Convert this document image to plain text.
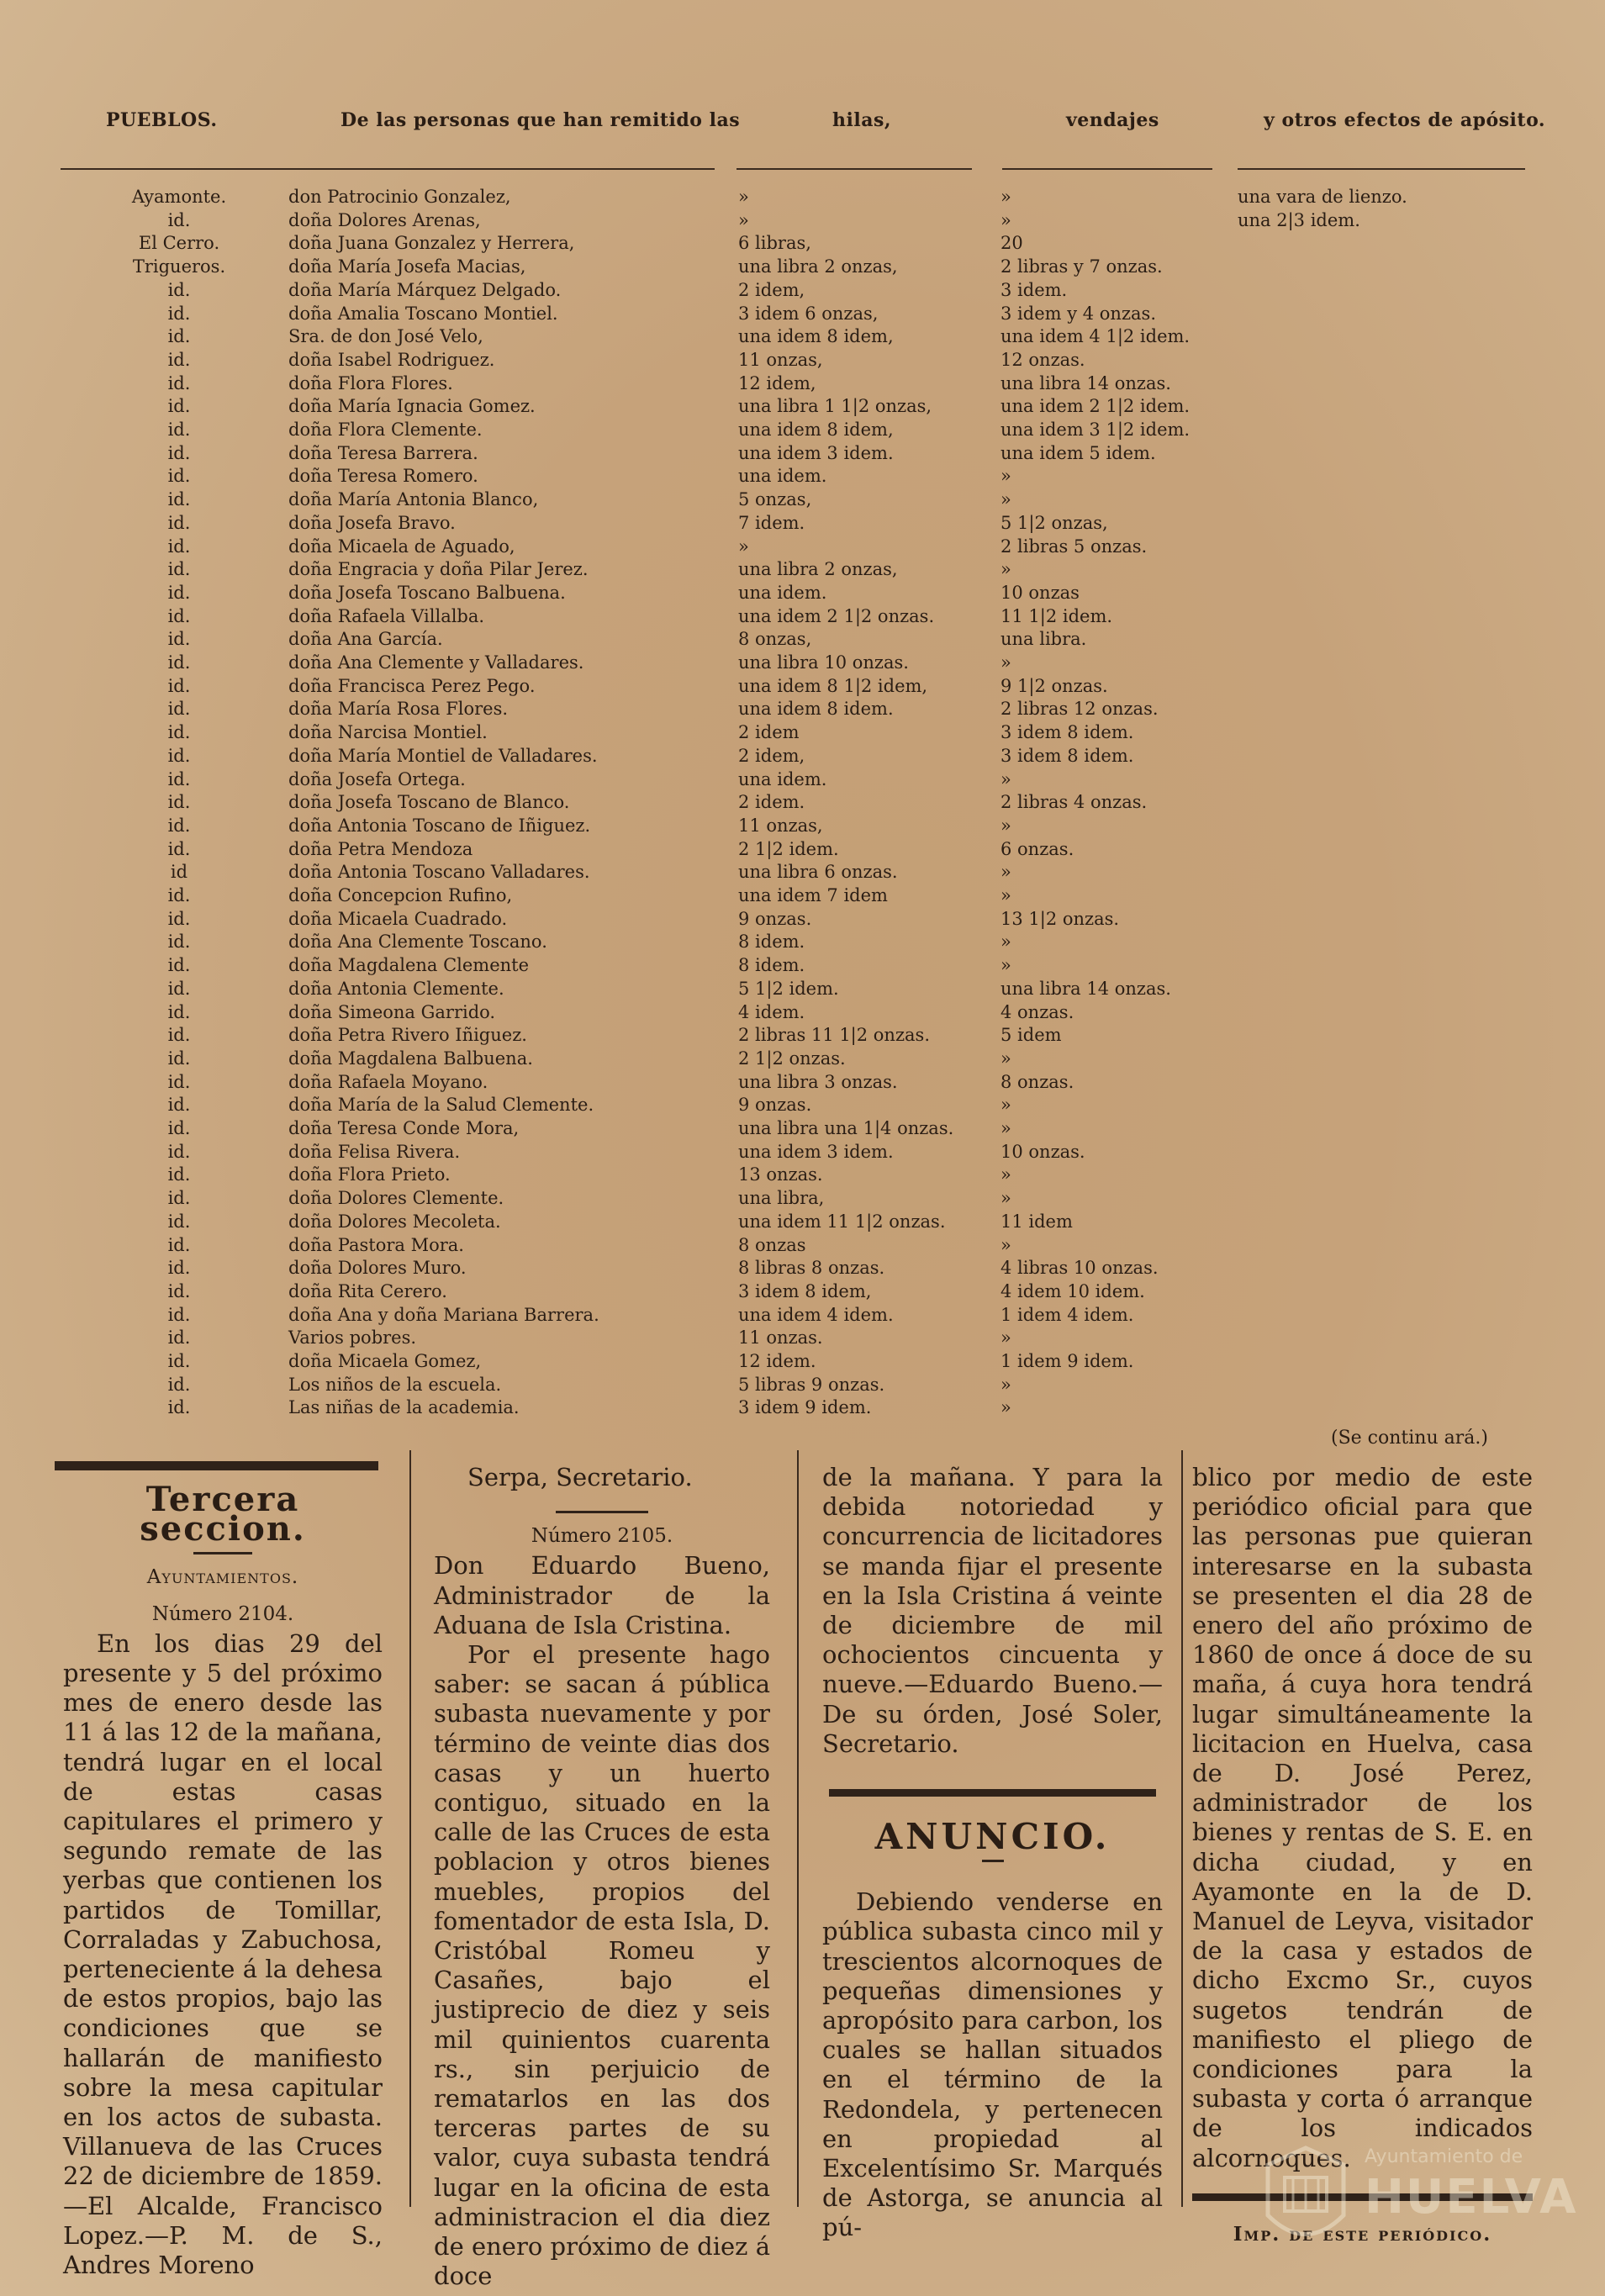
PUEBLOS.	De las personas que han remitido las	hilas,	vendajes	y otros efectos de apósito.
Ayamonte.	don Patrocinio Gonzalez,	»	»	una vara de lienzo.
id.	doña Dolores Arenas,	»	»	una 2|3 idem.
El Cerro.	doña Juana Gonzalez y Herrera,	6 libras,	20
Trigueros.	doña María Josefa Macias,	una libra 2 onzas,	2 libras y 7 onzas.
id.	doña María Márquez Delgado.	2 idem,	3 idem.
id.	doña Amalia Toscano Montiel.	3 idem 6 onzas,	3 idem y 4 onzas.
id.	Sra. de don José Velo,	una idem 8 idem,	una idem 4 1|2 idem.
id.	doña Isabel Rodriguez.	11 onzas,	12 onzas.
id.	doña Flora Flores.	12 idem,	una libra 14 onzas.
id.	doña María Ignacia Gomez.	una libra 1 1|2 onzas,	una idem 2 1|2 idem.
id.	doña Flora Clemente.	una idem 8 idem,	una idem 3 1|2 idem.
id.	doña Teresa Barrera.	una idem 3 idem.	una idem 5 idem.
id.	doña Teresa Romero.	una idem.	»
id.	doña María Antonia Blanco,	5 onzas,	»
id.	doña Josefa Bravo.	7 idem.	5 1|2 onzas,
id.	doña Micaela de Aguado,	»	2 libras 5 onzas.
id.	doña Engracia y doña Pilar Jerez.	una libra 2 onzas,	»
id.	doña Josefa Toscano Balbuena.	una idem.	10 onzas
id.	doña Rafaela Villalba.	una idem 2 1|2 onzas.	11 1|2 idem.
id.	doña Ana García.	8 onzas,	una libra.
id.	doña Ana Clemente y Valladares.	una libra 10 onzas.	»
id.	doña Francisca Perez Pego.	una idem 8 1|2 idem,	9 1|2 onzas.
id.	doña María Rosa Flores.	una idem 8 idem.	2 libras 12 onzas.
id.	doña Narcisa Montiel.	2 idem	3 idem 8 idem.
id.	doña María Montiel de Valladares.	2 idem,	3 idem 8 idem.
id.	doña Josefa Ortega.	una idem.	»
id.	doña Josefa Toscano de Blanco.	2 idem.	2 libras 4 onzas.
id.	doña Antonia Toscano de Iñiguez.	11 onzas,	»
id.	doña Petra Mendoza	2 1|2 idem.	6 onzas.
id	doña Antonia Toscano Valladares.	una libra 6 onzas.	»
id.	doña Concepcion Rufino,	una idem 7 idem	»
id.	doña Micaela Cuadrado.	9 onzas.	13 1|2 onzas.
id.	doña Ana Clemente Toscano.	8 idem.	»
id.	doña Magdalena Clemente	8 idem.	»
id.	doña Antonia Clemente.	5 1|2 idem.	una libra 14 onzas.
id.	doña Simeona Garrido.	4 idem.	4 onzas.
id.	doña Petra Rivero Iñiguez.	2 libras 11 1|2 onzas.	5 idem
id.	doña Magdalena Balbuena.	2 1|2 onzas.	»
id.	doña Rafaela Moyano.	una libra 3 onzas.	8 onzas.
id.	doña María de la Salud Clemente.	9 onzas.	»
id.	doña Teresa Conde Mora,	una libra una 1|4 onzas.	»
id.	doña Felisa Rivera.	una idem 3 idem.	10 onzas.
id.	doña Flora Prieto.	13 onzas.	»
id.	doña Dolores Clemente.	una libra,	»
id.	doña Dolores Mecoleta.	una idem 11 1|2 onzas.	11 idem
id.	doña Pastora Mora.	8 onzas	»
id.	doña Dolores Muro.	8 libras 8 onzas.	4 libras 10 onzas.
id.	doña Rita Cerero.	3 idem 8 idem,	4 idem 10 idem.
id.	doña Ana y doña Mariana Barrera.	una idem 4 idem.	1 idem 4 idem.
id.	Varios pobres.	11 onzas.	»
id.	doña Micaela Gomez,	12 idem.	1 idem 9 idem.
id.	Los niños de la escuela.	5 libras 9 onzas.	»
id.	Las niñas de la academia.	3 idem 9 idem.	»
(Se continu ará.)
Tercera seccion.
Ayuntamientos.
Número 2104.

En los dias 29 del presente y 5 del próximo mes de enero desde las 11 á las 12 de la mañana, tendrá lugar en el local de estas casas capitulares el primero y segundo remate de las yerbas que contienen los partidos de Tomillar, Corraladas y Zabuchosa, perteneciente á la dehesa de estos propios, bajo las condiciones que se hallarán de manifiesto sobre la mesa capitular en los actos de subasta. Villanueva de las Cruces 22 de diciembre de 1859.—El Alcalde, Francisco Lopez.—P. M. de S., Andres Moreno

Serpa, Secretario.

Número 2105.

Don Eduardo Bueno, Administrador de la Aduana de Isla Cristina.

Por el presente hago saber: se sacan á pública subasta nuevamente y por término de veinte dias dos casas y un huerto contiguo, situado en la calle de las Cruces de esta poblacion y otros bienes muebles, propios del fomentador de esta Isla, D. Cristóbal Romeu y Casañes, bajo el justiprecio de diez y seis mil quinientos cuarenta rs., sin perjuicio de rematarlos en las dos terceras partes de su valor, cuya subasta tendrá lugar en la oficina de esta administracion el dia diez de enero próximo de diez á doce

de la mañana. Y para la debida notoriedad y concurrencia de licitadores se manda fijar el presente en la Isla Cristina á veinte de diciembre de mil ochocientos cincuenta y nueve.—Eduardo Bueno.—De su órden, José Soler, Secretario.

ANUNCIO.

Debiendo venderse en pública subasta cinco mil y trescientos alcornoques de pequeñas dimensiones y apropósito para carbon, los cuales se hallan situados en el término de la Redondela, y pertenecen en propiedad al Excelentísimo Sr. Marqués de Astorga, se anuncia al pú-

blico por medio de este periódico oficial para que las personas pue quieran interesarse en la subasta se presenten el dia 28 de enero del año próximo de 1860 de once á doce de su maña, á cuya hora tendrá lugar simultáneamente la licitacion en Huelva, casa de D. José Perez, administrador de los bienes y rentas de S. E. en dicha ciudad, y en Ayamonte en la de D. Manuel de Leyva, visitador de la casa y estados de dicho Excmo Sr., cuyos sugetos tendrán de manifiesto el pliego de condiciones para la subasta y corta ó arranque de los indicados alcornoques.

Imp. de este periódico.
Ayuntamiento de
HUELVA
